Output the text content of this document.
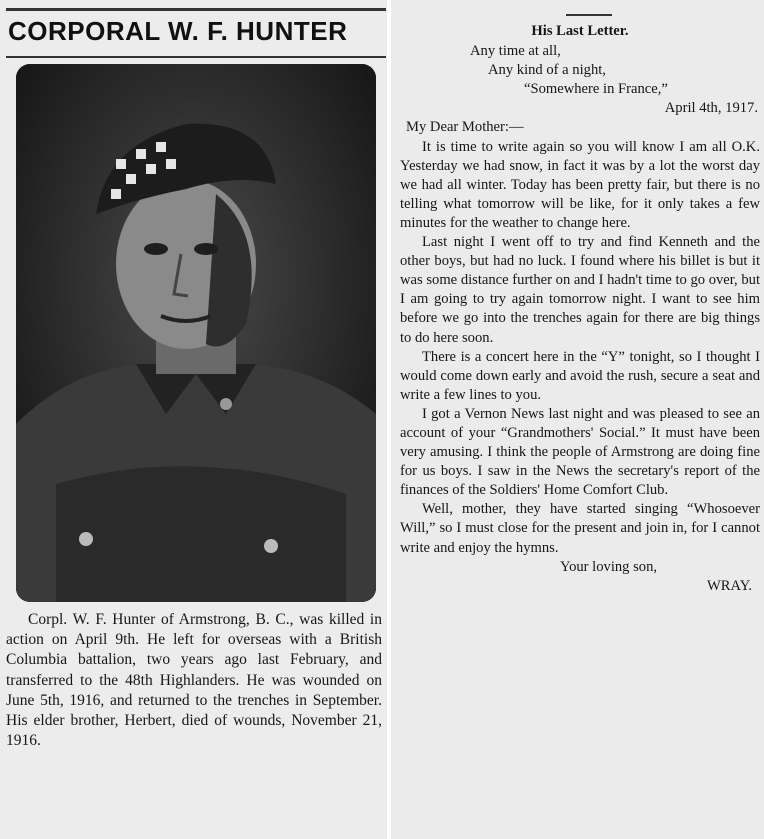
CORPORAL W. F. HUNTER

Corpl. W. F. Hunter of Armstrong, B. C., was killed in action on April 9th. He left for overseas with a British Columbia battalion, two years ago last February, and transferred to the 48th Highlanders. He was wounded on June 5th, 1916, and returned to the trenches in September. His elder brother, Herbert, died of wounds, November 21, 1916.

His Last Letter.
Any time at all,
Any kind of a night,
“Somewhere in France,”
April 4th, 1917.
My Dear Mother:—

It is time to write again so you will know I am all O.K. Yesterday we had snow, in fact it was by a lot the worst day we had all winter. Today has been pretty fair, but there is no telling what tomorrow will be like, for it only takes a few minutes for the weather to change here.

Last night I went off to try and find Kenneth and the other boys, but had no luck. I found where his billet is but it was some distance further on and I hadn't time to go over, but I am going to try again tomorrow night. I want to see him before we go into the trenches again for there are big things to do here soon.

There is a concert here in the “Y” tonight, so I thought I would come down early and avoid the rush, secure a seat and write a few lines to you.

I got a Vernon News last night and was pleased to see an account of your “Grandmothers' Social.” It must have been very amusing. I think the people of Armstrong are doing fine for us boys. I saw in the News the secretary's report of the finances of the Soldiers' Home Comfort Club.

Well, mother, they have started singing “Whosoever Will,” so I must close for the present and join in, for I cannot write and enjoy the hymns.

Your loving son,
WRAY.
